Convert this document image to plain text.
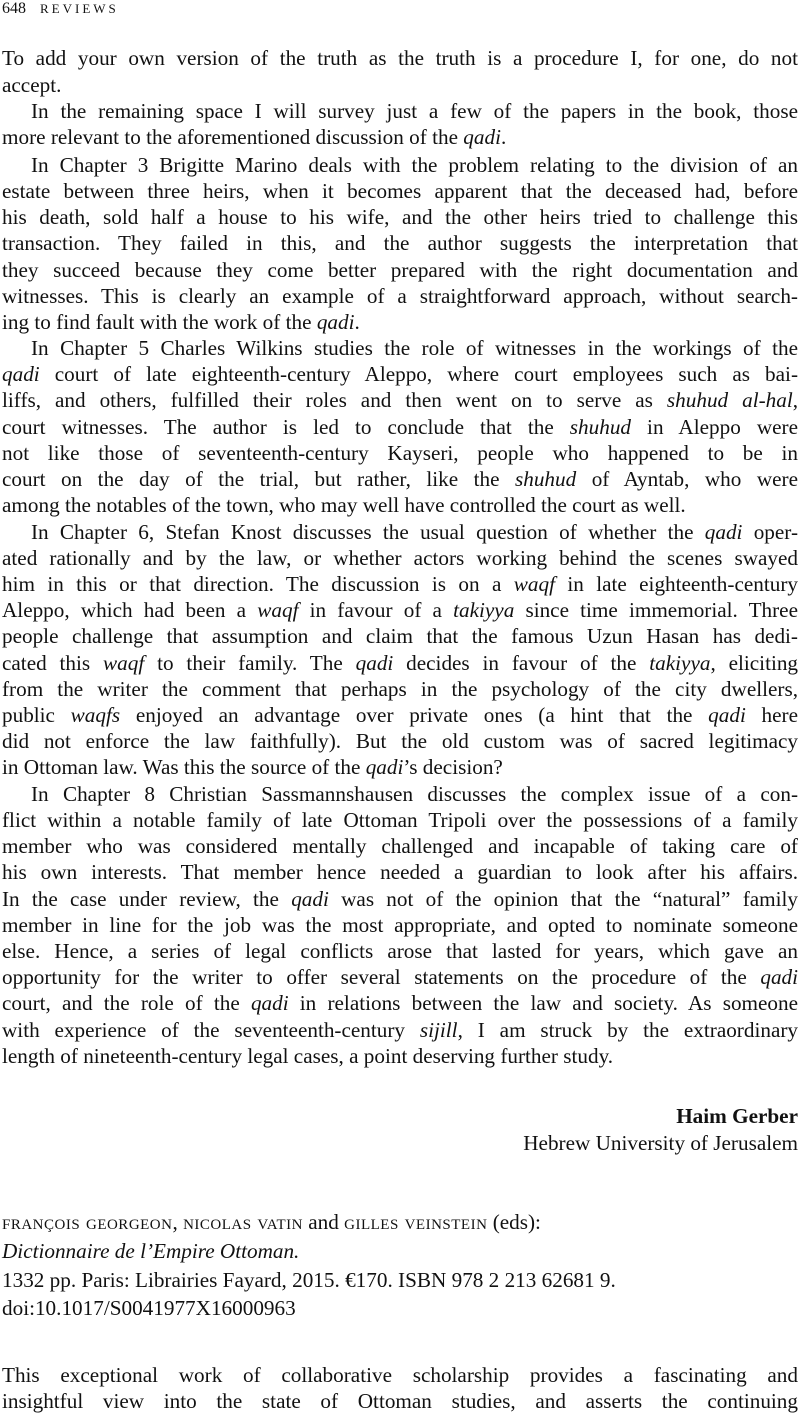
648 REVIEWS
To add your own version of the truth as the truth is a procedure I, for one, do not
accept.
In the remaining space I will survey just a few of the papers in the book, those
more relevant to the aforementioned discussion of the qadi.
In Chapter 3 Brigitte Marino deals with the problem relating to the division of an
estate between three heirs, when it becomes apparent that the deceased had, before
his death, sold half a house to his wife, and the other heirs tried to challenge this
transaction. They failed in this, and the author suggests the interpretation that
they succeed because they come better prepared with the right documentation and
witnesses. This is clearly an example of a straightforward approach, without search-
ing to find fault with the work of the qadi.
In Chapter 5 Charles Wilkins studies the role of witnesses in the workings of the
qadi court of late eighteenth-century Aleppo, where court employees such as bai-
liffs, and others, fulfilled their roles and then went on to serve as shuhud al-hal,
court witnesses. The author is led to conclude that the shuhud in Aleppo were
not like those of seventeenth-century Kayseri, people who happened to be in
court on the day of the trial, but rather, like the shuhud of Ayntab, who were
among the notables of the town, who may well have controlled the court as well.
In Chapter 6, Stefan Knost discusses the usual question of whether the qadi oper-
ated rationally and by the law, or whether actors working behind the scenes swayed
him in this or that direction. The discussion is on a waqf in late eighteenth-century
Aleppo, which had been a waqf in favour of a takiyya since time immemorial. Three
people challenge that assumption and claim that the famous Uzun Hasan has dedi-
cated this waqf to their family. The qadi decides in favour of the takiyya, eliciting
from the writer the comment that perhaps in the psychology of the city dwellers,
public waqfs enjoyed an advantage over private ones (a hint that the qadi here
did not enforce the law faithfully). But the old custom was of sacred legitimacy
in Ottoman law. Was this the source of the qadi’s decision?
In Chapter 8 Christian Sassmannshausen discusses the complex issue of a con-
flict within a notable family of late Ottoman Tripoli over the possessions of a family
member who was considered mentally challenged and incapable of taking care of
his own interests. That member hence needed a guardian to look after his affairs.
In the case under review, the qadi was not of the opinion that the “natural” family
member in line for the job was the most appropriate, and opted to nominate someone
else. Hence, a series of legal conflicts arose that lasted for years, which gave an
opportunity for the writer to offer several statements on the procedure of the qadi
court, and the role of the qadi in relations between the law and society. As someone
with experience of the seventeenth-century sijill, I am struck by the extraordinary
length of nineteenth-century legal cases, a point deserving further study.
Haim Gerber
Hebrew University of Jerusalem
françois georgeon, nicolas vatin and gilles veinstein (eds):
Dictionnaire de l’Empire Ottoman.
1332 pp. Paris: Librairies Fayard, 2015. €170. ISBN 978 2 213 62681 9.
doi:10.1017/S0041977X16000963
This exceptional work of collaborative scholarship provides a fascinating and
insightful view into the state of Ottoman studies, and asserts the continuing
